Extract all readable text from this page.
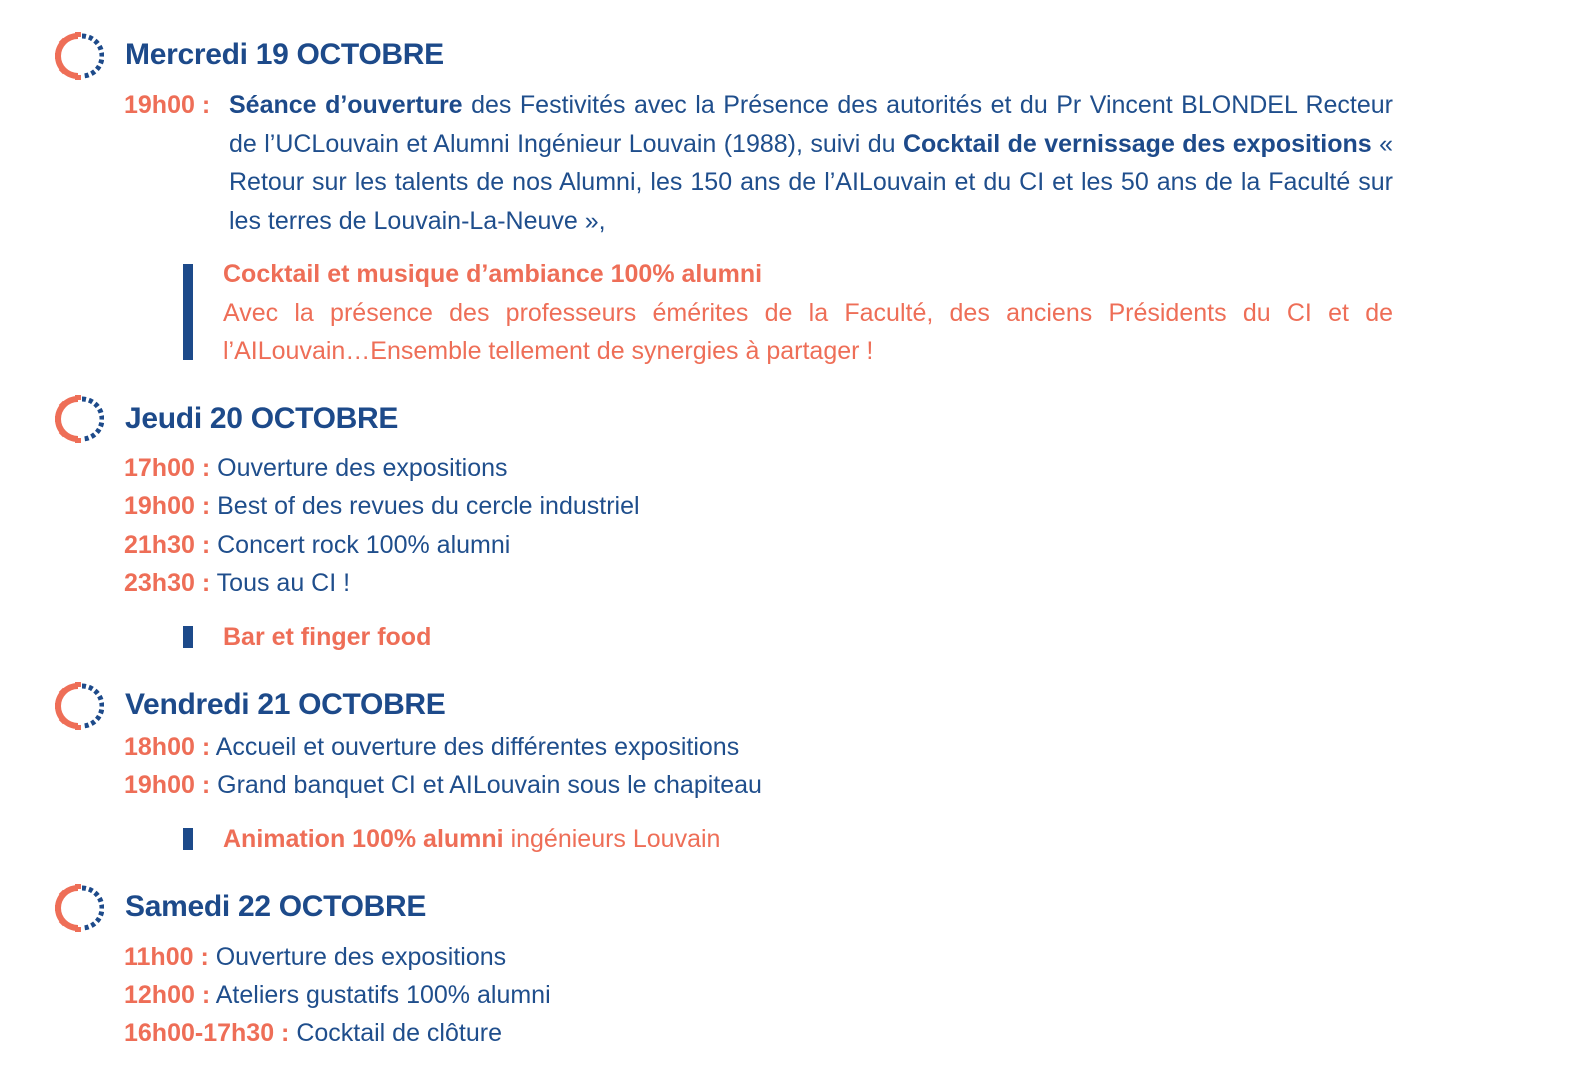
Mercredi 19 OCTOBRE
19h00 : Séance d’ouverture des Festivités avec la Présence des autorités et du Pr Vincent BLONDEL Recteur de l’UCLouvain et Alumni Ingénieur Louvain (1988), suivi du Cocktail de vernissage des expositions « Retour sur les talents de nos Alumni, les 150 ans de l’AILouvain et du CI et les 50 ans de la Faculté sur les terres de Louvain-La-Neuve »,
Cocktail et musique d’ambiance 100% alumni
Avec la présence des professeurs émérites de la Faculté, des anciens Présidents du CI et de l’AILouvain…Ensemble tellement de synergies à partager !
Jeudi 20 OCTOBRE
17h00 : Ouverture des expositions
19h00 : Best of des revues du cercle industriel
21h30 : Concert rock 100% alumni
23h30 : Tous au CI !
Bar et finger food
Vendredi 21 OCTOBRE
18h00 : Accueil et ouverture des différentes expositions
19h00 : Grand banquet CI et AILouvain sous le chapiteau
Animation 100% alumni ingénieurs Louvain
Samedi 22 OCTOBRE
11h00 : Ouverture des expositions
12h00 : Ateliers gustatifs 100% alumni
16h00-17h30 : Cocktail de clôture
